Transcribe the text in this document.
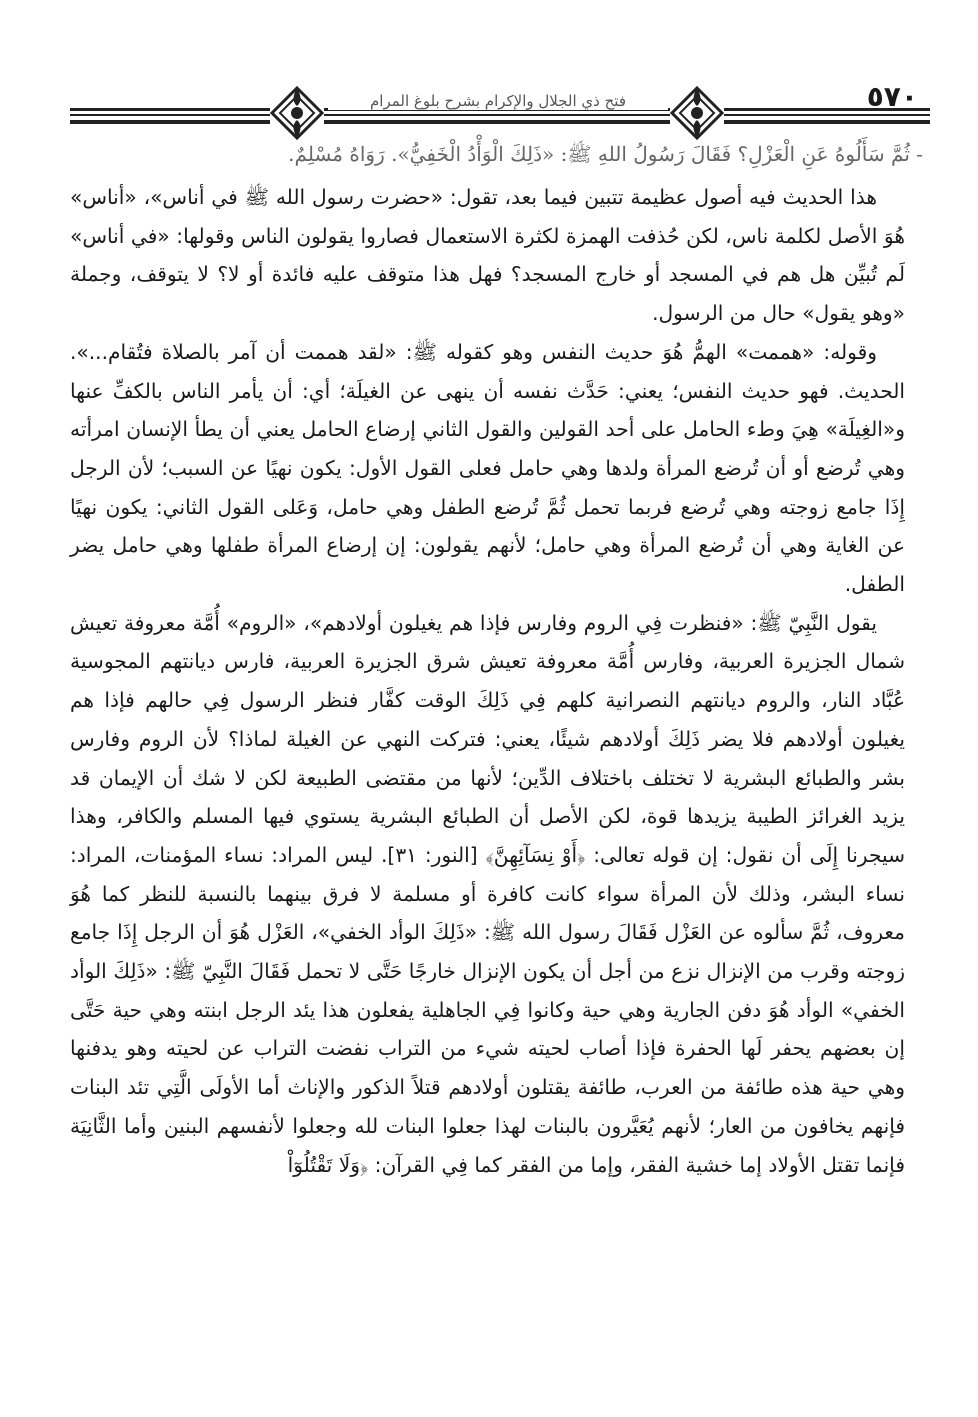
فتح ذي الجلال والإكرام بشرح بلوغ المرام	٥٧٠
- ثُمَّ سَأَلُوهُ عَنِ الْعَزْلِ؟ فَقَالَ رَسُولُ اللهِ ﷺ: «ذَلِكَ الْوَأْدُ الْخَفِيُّ». رَوَاهُ مُسْلِمٌ.

هذا الحديث فيه أصول عظيمة تتبين فيما بعد، تقول: «حضرت رسول الله ﷺ في أناس»، «أناس» هُوَ الأصل لكلمة ناس، لكن حُذفت الهمزة لكثرة الاستعمال فصاروا يقولون الناس وقولها: «في أناس» لَم تُبيِّن هل هم في المسجد أو خارج المسجد؟ فهل هذا متوقف عليه فائدة أو لا؟ لا يتوقف، وجملة «وهو يقول» حال من الرسول.

وقوله: «هممت» الهمُّ هُوَ حديث النفس وهو كقوله ﷺ: «لقد هممت أن آمر بالصلاة فتُقام...». الحديث. فهو حديث النفس؛ يعني: حَدَّث نفسه أن ينهى عن الغيلَة؛ أي: أن يأمر الناس بالكفِّ عنها و«الغِيلَة» هِيَ وطء الحامل على أحد القولين والقول الثاني إرضاع الحامل يعني أن يطأ الإنسان امرأته وهي تُرضع أو أن تُرضع المرأة ولدها وهي حامل فعلى القول الأول: يكون نهيًا عن السبب؛ لأن الرجل إِذَا جامع زوجته وهي تُرضع فربما تحمل ثُمَّ تُرضع الطفل وهي حامل، وَعَلى القول الثاني: يكون نهيًا عن الغاية وهي أن تُرضع المرأة وهي حامل؛ لأنهم يقولون: إن إرضاع المرأة طفلها وهي حامل يضر الطفل.

يقول النَّبِيّ ﷺ: «فنظرت فِي الروم وفارس فإذا هم يغيلون أولادهم»، «الروم» أُمَّة معروفة تعيش شمال الجزيرة العربية، وفارس أُمَّة معروفة تعيش شرق الجزيرة العربية، فارس ديانتهم المجوسية عُبَّاد النار، والروم ديانتهم النصرانية كلهم فِي ذَلِكَ الوقت كفَّار فنظر الرسول فِي حالهم فإذا هم يغيلون أولادهم فلا يضر ذَلِكَ أولادهم شيئًا، يعني: فتركت النهي عن الغيلة لماذا؟ لأن الروم وفارس بشر والطبائع البشرية لا تختلف باختلاف الدِّين؛ لأنها من مقتضى الطبيعة لكن لا شك أن الإيمان قد يزيد الغرائز الطيبة يزيدها قوة، لكن الأصل أن الطبائع البشرية يستوي فيها المسلم والكافر، وهذا سيجرنا إِلَى أن نقول: إن قوله تعالى: ﴿أَوْ نِسَآئِهِنَّ﴾ [النور: ٣١]. ليس المراد: نساء المؤمنات، المراد: نساء البشر، وذلك لأن المرأة سواء كانت كافرة أو مسلمة لا فرق بينهما بالنسبة للنظر كما هُوَ معروف، ثُمَّ سألوه عن العَزْل فَقَالَ رسول الله ﷺ: «ذَلِكَ الوأد الخفي»، العَزْل هُوَ أن الرجل إِذَا جامع زوجته وقرب من الإنزال نزع من أجل أن يكون الإنزال خارجًا حَتَّى لا تحمل فَقَالَ النَّبِيّ ﷺ: «ذَلِكَ الوأد الخفي» الوأد هُوَ دفن الجارية وهي حية وكانوا فِي الجاهلية يفعلون هذا يئد الرجل ابنته وهي حية حَتَّى إن بعضهم يحفر لَها الحفرة فإذا أصاب لحيته شيء من التراب نفضت التراب عن لحيته وهو يدفنها وهي حية هذه طائفة من العرب، طائفة يقتلون أولادهم قتلاً الذكور والإناث أما الأولَى الَّتِي تئد البنات فإنهم يخافون من العار؛ لأنهم يُعَيَّرون بالبنات لهذا جعلوا البنات لله وجعلوا لأنفسهم البنين وأما الثَّانِيَة فإنما تقتل الأولاد إما خشية الفقر، وإما من الفقر كما فِي القرآن: ﴿وَلَا تَقْتُلُوٓاْ
